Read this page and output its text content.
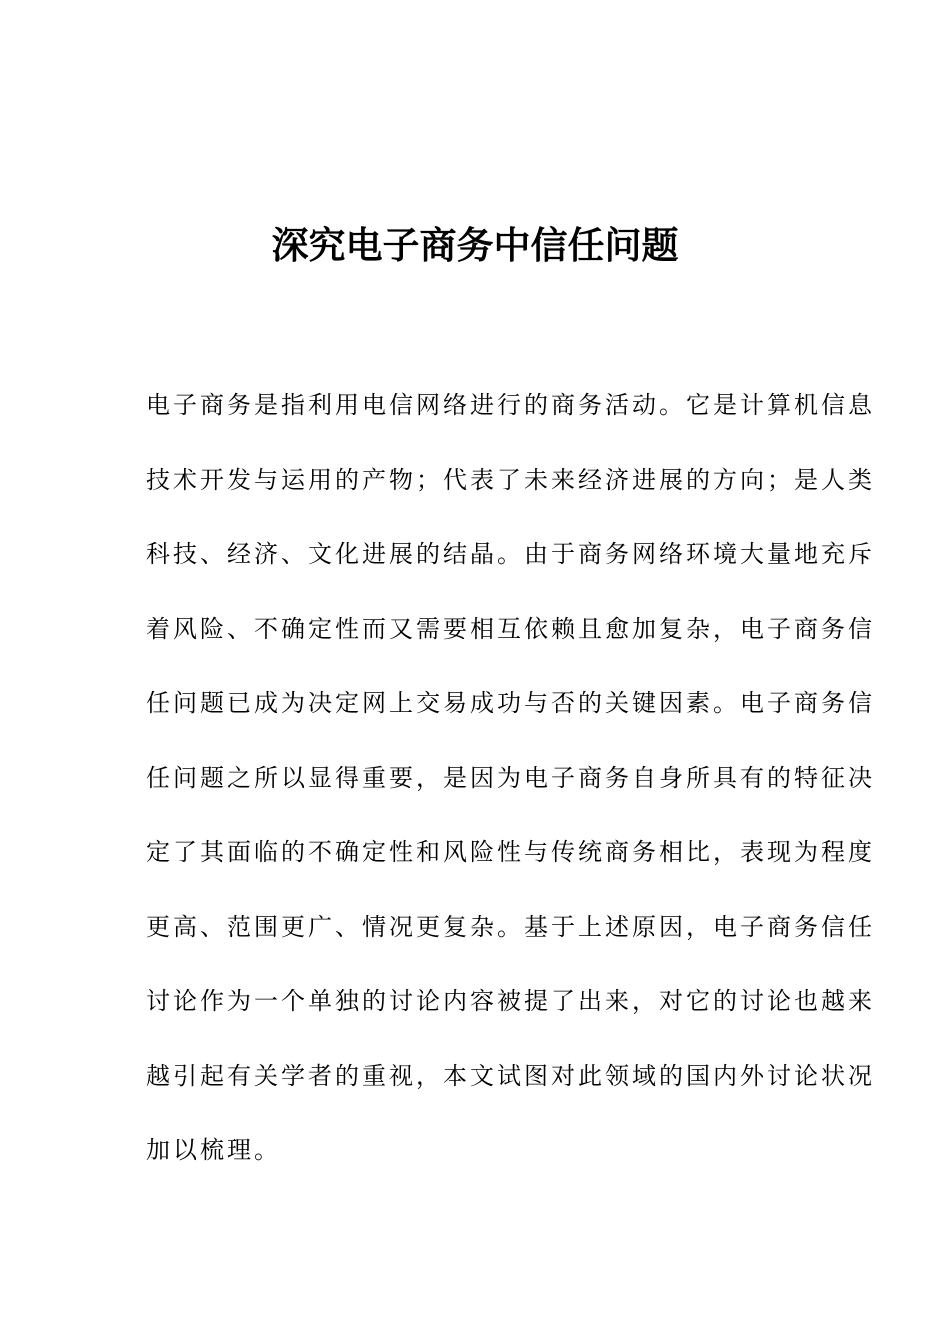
深究电子商务中信任问题
电子商务是指利用电信网络进行的商务活动。它是计算机信息
技术开发与运用的产物；代表了未来经济进展的方向；是人类
科技、经济、文化进展的结晶。由于商务网络环境大量地充斥
着风险、不确定性而又需要相互依赖且愈加复杂，电子商务信
任问题已成为决定网上交易成功与否的关键因素。电子商务信
任问题之所以显得重要，是因为电子商务自身所具有的特征决
定了其面临的不确定性和风险性与传统商务相比，表现为程度
更高、范围更广、情况更复杂。基于上述原因，电子商务信任
讨论作为一个单独的讨论内容被提了出来，对它的讨论也越来
越引起有关学者的重视，本文试图对此领域的国内外讨论状况
加以梳理。
